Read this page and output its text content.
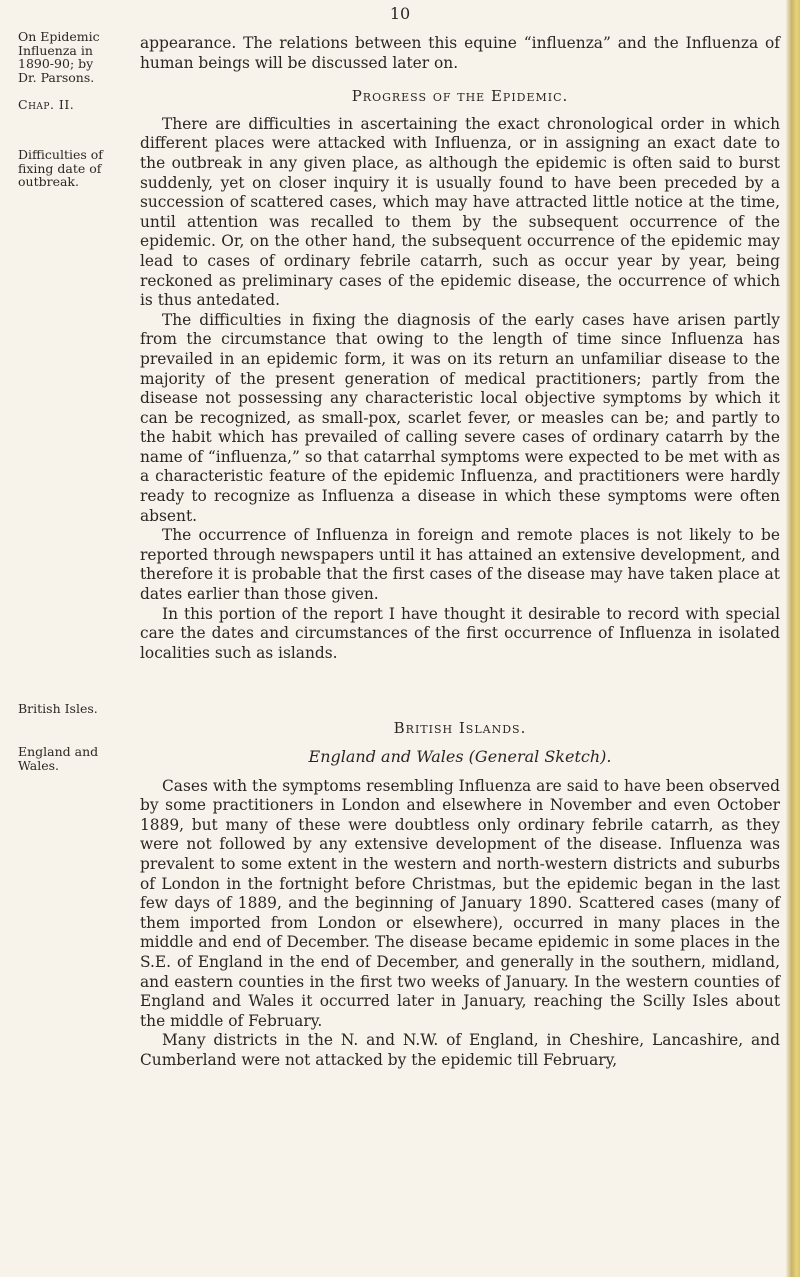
10
On Epidemic
Influenza in
1890-90; by
Dr. Parsons.
Chap. II.
Difficulties of
fixing date of
outbreak.
British Isles.
England and
Wales.

appearance. The relations between this equine “influenza” and the Influenza of human beings will be discussed later on.

Progress of the Epidemic.

There are difficulties in ascertaining the exact chronological order in which different places were attacked with Influenza, or in assigning an exact date to the outbreak in any given place, as although the epidemic is often said to burst suddenly, yet on closer inquiry it is usually found to have been preceded by a succession of scattered cases, which may have attracted little notice at the time, until attention was recalled to them by the subsequent occurrence of the epidemic. Or, on the other hand, the subsequent occurrence of the epidemic may lead to cases of ordinary febrile catarrh, such as occur year by year, being reckoned as preliminary cases of the epidemic disease, the occurrence of which is thus antedated.

The difficulties in fixing the diagnosis of the early cases have arisen partly from the circumstance that owing to the length of time since Influenza has prevailed in an epidemic form, it was on its return an unfamiliar disease to the majority of the present generation of medical practitioners; partly from the disease not possessing any characteristic local objective symptoms by which it can be recognized, as small-pox, scarlet fever, or measles can be; and partly to the habit which has prevailed of calling severe cases of ordinary catarrh by the name of “influenza,” so that catarrhal symptoms were expected to be met with as a characteristic feature of the epidemic Influenza, and practitioners were hardly ready to recognize as Influenza a disease in which these symptoms were often absent.

The occurrence of Influenza in foreign and remote places is not likely to be reported through newspapers until it has attained an extensive development, and therefore it is probable that the first cases of the disease may have taken place at dates earlier than those given.

In this portion of the report I have thought it desirable to record with special care the dates and circumstances of the first occurrence of Influenza in isolated localities such as islands.

British Islands.
England and Wales (General Sketch).

Cases with the symptoms resembling Influenza are said to have been observed by some practitioners in London and elsewhere in November and even October 1889, but many of these were doubtless only ordinary febrile catarrh, as they were not followed by any extensive development of the disease. Influenza was prevalent to some extent in the western and north-western districts and suburbs of London in the fortnight before Christmas, but the epidemic began in the last few days of 1889, and the beginning of January 1890. Scattered cases (many of them imported from London or elsewhere), occurred in many places in the middle and end of December. The disease became epidemic in some places in the S.E. of England in the end of December, and generally in the southern, midland, and eastern counties in the first two weeks of January. In the western counties of England and Wales it occurred later in January, reaching the Scilly Isles about the middle of February.

Many districts in the N. and N.W. of England, in Cheshire, Lancashire, and Cumberland were not attacked by the epidemic till February,
